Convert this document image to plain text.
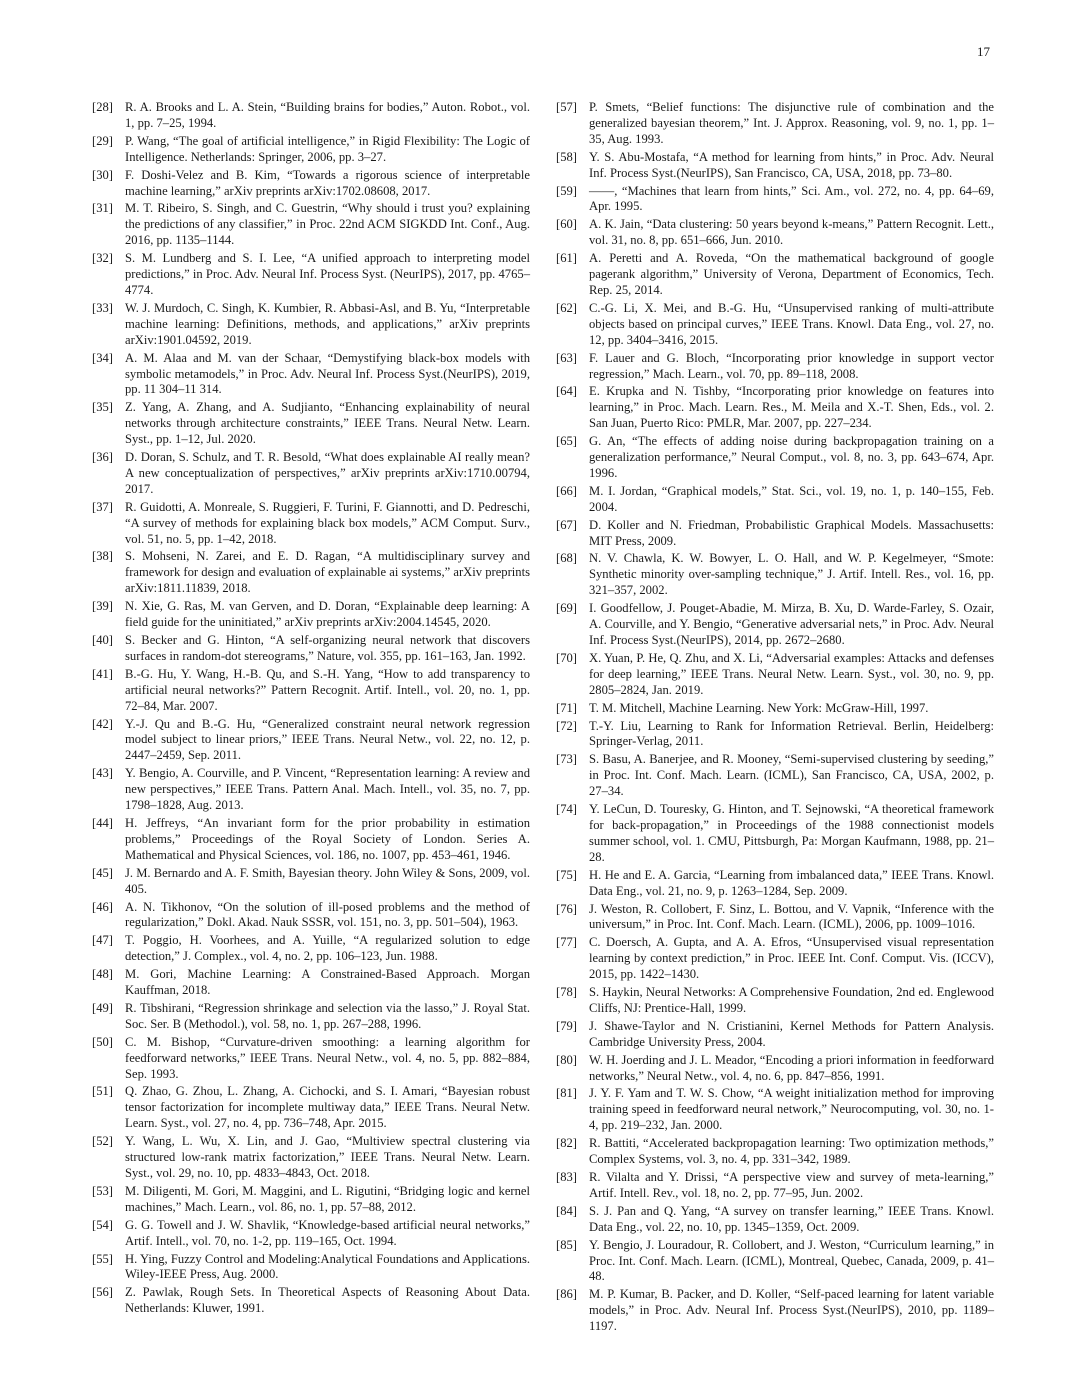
17
[28] R. A. Brooks and L. A. Stein, “Building brains for bodies,” Auton. Robot., vol. 1, pp. 7–25, 1994.
[29] P. Wang, “The goal of artificial intelligence,” in Rigid Flexibility: The Logic of Intelligence. Netherlands: Springer, 2006, pp. 3–27.
[30] F. Doshi-Velez and B. Kim, “Towards a rigorous science of interpretable machine learning,” arXiv preprints arXiv:1702.08608, 2017.
[31] M. T. Ribeiro, S. Singh, and C. Guestrin, “Why should i trust you? explaining the predictions of any classifier,” in Proc. 22nd ACM SIGKDD Int. Conf., Aug. 2016, pp. 1135–1144.
[32] S. M. Lundberg and S. I. Lee, “A unified approach to interpreting model predictions,” in Proc. Adv. Neural Inf. Process Syst. (NeurIPS), 2017, pp. 4765–4774.
[33] W. J. Murdoch, C. Singh, K. Kumbier, R. Abbasi-Asl, and B. Yu, “Interpretable machine learning: Definitions, methods, and applications,” arXiv preprints arXiv:1901.04592, 2019.
[34] A. M. Alaa and M. van der Schaar, “Demystifying black-box models with symbolic metamodels,” in Proc. Adv. Neural Inf. Process Syst.(NeurIPS), 2019, pp. 11 304–11 314.
[35] Z. Yang, A. Zhang, and A. Sudjianto, “Enhancing explainability of neural networks through architecture constraints,” IEEE Trans. Neural Netw. Learn. Syst., pp. 1–12, Jul. 2020.
[36] D. Doran, S. Schulz, and T. R. Besold, “What does explainable AI really mean? A new conceptualization of perspectives,” arXiv preprints arXiv:1710.00794, 2017.
[37] R. Guidotti, A. Monreale, S. Ruggieri, F. Turini, F. Giannotti, and D. Pedreschi, “A survey of methods for explaining black box models,” ACM Comput. Surv., vol. 51, no. 5, pp. 1–42, 2018.
[38] S. Mohseni, N. Zarei, and E. D. Ragan, “A multidisciplinary survey and framework for design and evaluation of explainable ai systems,” arXiv preprints arXiv:1811.11839, 2018.
[39] N. Xie, G. Ras, M. van Gerven, and D. Doran, “Explainable deep learning: A field guide for the uninitiated,” arXiv preprints arXiv:2004.14545, 2020.
[40] S. Becker and G. Hinton, “A self-organizing neural network that discovers surfaces in random-dot stereograms,” Nature, vol. 355, pp. 161–163, Jan. 1992.
[41] B.-G. Hu, Y. Wang, H.-B. Qu, and S.-H. Yang, “How to add transparency to artificial neural networks?” Pattern Recognit. Artif. Intell., vol. 20, no. 1, pp. 72–84, Mar. 2007.
[42] Y.-J. Qu and B.-G. Hu, “Generalized constraint neural network regression model subject to linear priors,” IEEE Trans. Neural Netw., vol. 22, no. 12, p. 2447–2459, Sep. 2011.
[43] Y. Bengio, A. Courville, and P. Vincent, “Representation learning: A review and new perspectives,” IEEE Trans. Pattern Anal. Mach. Intell., vol. 35, no. 7, pp. 1798–1828, Aug. 2013.
[44] H. Jeffreys, “An invariant form for the prior probability in estimation problems,” Proceedings of the Royal Society of London. Series A. Mathematical and Physical Sciences, vol. 186, no. 1007, pp. 453–461, 1946.
[45] J. M. Bernardo and A. F. Smith, Bayesian theory. John Wiley & Sons, 2009, vol. 405.
[46] A. N. Tikhonov, “On the solution of ill-posed problems and the method of regularization,” Dokl. Akad. Nauk SSSR, vol. 151, no. 3, pp. 501–504), 1963.
[47] T. Poggio, H. Voorhees, and A. Yuille, “A regularized solution to edge detection,” J. Complex., vol. 4, no. 2, pp. 106–123, Jun. 1988.
[48] M. Gori, Machine Learning: A Constrained-Based Approach. Morgan Kauffman, 2018.
[49] R. Tibshirani, “Regression shrinkage and selection via the lasso,” J. Royal Stat. Soc. Ser. B (Methodol.), vol. 58, no. 1, pp. 267–288, 1996.
[50] C. M. Bishop, “Curvature-driven smoothing: a learning algorithm for feedforward networks,” IEEE Trans. Neural Netw., vol. 4, no. 5, pp. 882–884, Sep. 1993.
[51] Q. Zhao, G. Zhou, L. Zhang, A. Cichocki, and S. I. Amari, “Bayesian robust tensor factorization for incomplete multiway data,” IEEE Trans. Neural Netw. Learn. Syst., vol. 27, no. 4, pp. 736–748, Apr. 2015.
[52] Y. Wang, L. Wu, X. Lin, and J. Gao, “Multiview spectral clustering via structured low-rank matrix factorization,” IEEE Trans. Neural Netw. Learn. Syst., vol. 29, no. 10, pp. 4833–4843, Oct. 2018.
[53] M. Diligenti, M. Gori, M. Maggini, and L. Rigutini, “Bridging logic and kernel machines,” Mach. Learn., vol. 86, no. 1, pp. 57–88, 2012.
[54] G. G. Towell and J. W. Shavlik, “Knowledge-based artificial neural networks,” Artif. Intell., vol. 70, no. 1-2, pp. 119–165, Oct. 1994.
[55] H. Ying, Fuzzy Control and Modeling:Analytical Foundations and Applications. Wiley-IEEE Press, Aug. 2000.
[56] Z. Pawlak, Rough Sets. In Theoretical Aspects of Reasoning About Data. Netherlands: Kluwer, 1991.
[57] P. Smets, “Belief functions: The disjunctive rule of combination and the generalized bayesian theorem,” Int. J. Approx. Reasoning, vol. 9, no. 1, pp. 1–35, Aug. 1993.
[58] Y. S. Abu-Mostafa, “A method for learning from hints,” in Proc. Adv. Neural Inf. Process Syst.(NeurIPS), San Francisco, CA, USA, 2018, pp. 73–80.
[59] ——, “Machines that learn from hints,” Sci. Am., vol. 272, no. 4, pp. 64–69, Apr. 1995.
[60] A. K. Jain, “Data clustering: 50 years beyond k-means,” Pattern Recognit. Lett., vol. 31, no. 8, pp. 651–666, Jun. 2010.
[61] A. Peretti and A. Roveda, “On the mathematical background of google pagerank algorithm,” University of Verona, Department of Economics, Tech. Rep. 25, 2014.
[62] C.-G. Li, X. Mei, and B.-G. Hu, “Unsupervised ranking of multi-attribute objects based on principal curves,” IEEE Trans. Knowl. Data Eng., vol. 27, no. 12, pp. 3404–3416, 2015.
[63] F. Lauer and G. Bloch, “Incorporating prior knowledge in support vector regression,” Mach. Learn., vol. 70, pp. 89–118, 2008.
[64] E. Krupka and N. Tishby, “Incorporating prior knowledge on features into learning,” in Proc. Mach. Learn. Res., M. Meila and X.-T. Shen, Eds., vol. 2. San Juan, Puerto Rico: PMLR, Mar. 2007, pp. 227–234.
[65] G. An, “The effects of adding noise during backpropagation training on a generalization performance,” Neural Comput., vol. 8, no. 3, pp. 643–674, Apr. 1996.
[66] M. I. Jordan, “Graphical models,” Stat. Sci., vol. 19, no. 1, p. 140–155, Feb. 2004.
[67] D. Koller and N. Friedman, Probabilistic Graphical Models. Massachusetts: MIT Press, 2009.
[68] N. V. Chawla, K. W. Bowyer, L. O. Hall, and W. P. Kegelmeyer, “Smote: Synthetic minority over-sampling technique,” J. Artif. Intell. Res., vol. 16, pp. 321–357, 2002.
[69] I. Goodfellow, J. Pouget-Abadie, M. Mirza, B. Xu, D. Warde-Farley, S. Ozair, A. Courville, and Y. Bengio, “Generative adversarial nets,” in Proc. Adv. Neural Inf. Process Syst.(NeurIPS), 2014, pp. 2672–2680.
[70] X. Yuan, P. He, Q. Zhu, and X. Li, “Adversarial examples: Attacks and defenses for deep learning,” IEEE Trans. Neural Netw. Learn. Syst., vol. 30, no. 9, pp. 2805–2824, Jan. 2019.
[71] T. M. Mitchell, Machine Learning. New York: McGraw-Hill, 1997.
[72] T.-Y. Liu, Learning to Rank for Information Retrieval. Berlin, Heidelberg: Springer-Verlag, 2011.
[73] S. Basu, A. Banerjee, and R. Mooney, “Semi-supervised clustering by seeding,” in Proc. Int. Conf. Mach. Learn. (ICML), San Francisco, CA, USA, 2002, p. 27–34.
[74] Y. LeCun, D. Touresky, G. Hinton, and T. Sejnowski, “A theoretical framework for back-propagation,” in Proceedings of the 1988 connectionist models summer school, vol. 1. CMU, Pittsburgh, Pa: Morgan Kaufmann, 1988, pp. 21–28.
[75] H. He and E. A. Garcia, “Learning from imbalanced data,” IEEE Trans. Knowl. Data Eng., vol. 21, no. 9, p. 1263–1284, Sep. 2009.
[76] J. Weston, R. Collobert, F. Sinz, L. Bottou, and V. Vapnik, “Inference with the universum,” in Proc. Int. Conf. Mach. Learn. (ICML), 2006, pp. 1009–1016.
[77] C. Doersch, A. Gupta, and A. A. Efros, “Unsupervised visual representation learning by context prediction,” in Proc. IEEE Int. Conf. Comput. Vis. (ICCV), 2015, pp. 1422–1430.
[78] S. Haykin, Neural Networks: A Comprehensive Foundation, 2nd ed. Englewood Cliffs, NJ: Prentice-Hall, 1999.
[79] J. Shawe-Taylor and N. Cristianini, Kernel Methods for Pattern Analysis. Cambridge University Press, 2004.
[80] W. H. Joerding and J. L. Meador, “Encoding a priori information in feedforward networks,” Neural Netw., vol. 4, no. 6, pp. 847–856, 1991.
[81] J. Y. F. Yam and T. W. S. Chow, “A weight initialization method for improving training speed in feedforward neural network,” Neurocomputing, vol. 30, no. 1-4, pp. 219–232, Jan. 2000.
[82] R. Battiti, “Accelerated backpropagation learning: Two optimization methods,” Complex Systems, vol. 3, no. 4, pp. 331–342, 1989.
[83] R. Vilalta and Y. Drissi, “A perspective view and survey of meta-learning,” Artif. Intell. Rev., vol. 18, no. 2, pp. 77–95, Jun. 2002.
[84] S. J. Pan and Q. Yang, “A survey on transfer learning,” IEEE Trans. Knowl. Data Eng., vol. 22, no. 10, pp. 1345–1359, Oct. 2009.
[85] Y. Bengio, J. Louradour, R. Collobert, and J. Weston, “Curriculum learning,” in Proc. Int. Conf. Mach. Learn. (ICML), Montreal, Quebec, Canada, 2009, p. 41–48.
[86] M. P. Kumar, B. Packer, and D. Koller, “Self-paced learning for latent variable models,” in Proc. Adv. Neural Inf. Process Syst.(NeurIPS), 2010, pp. 1189–1197.
